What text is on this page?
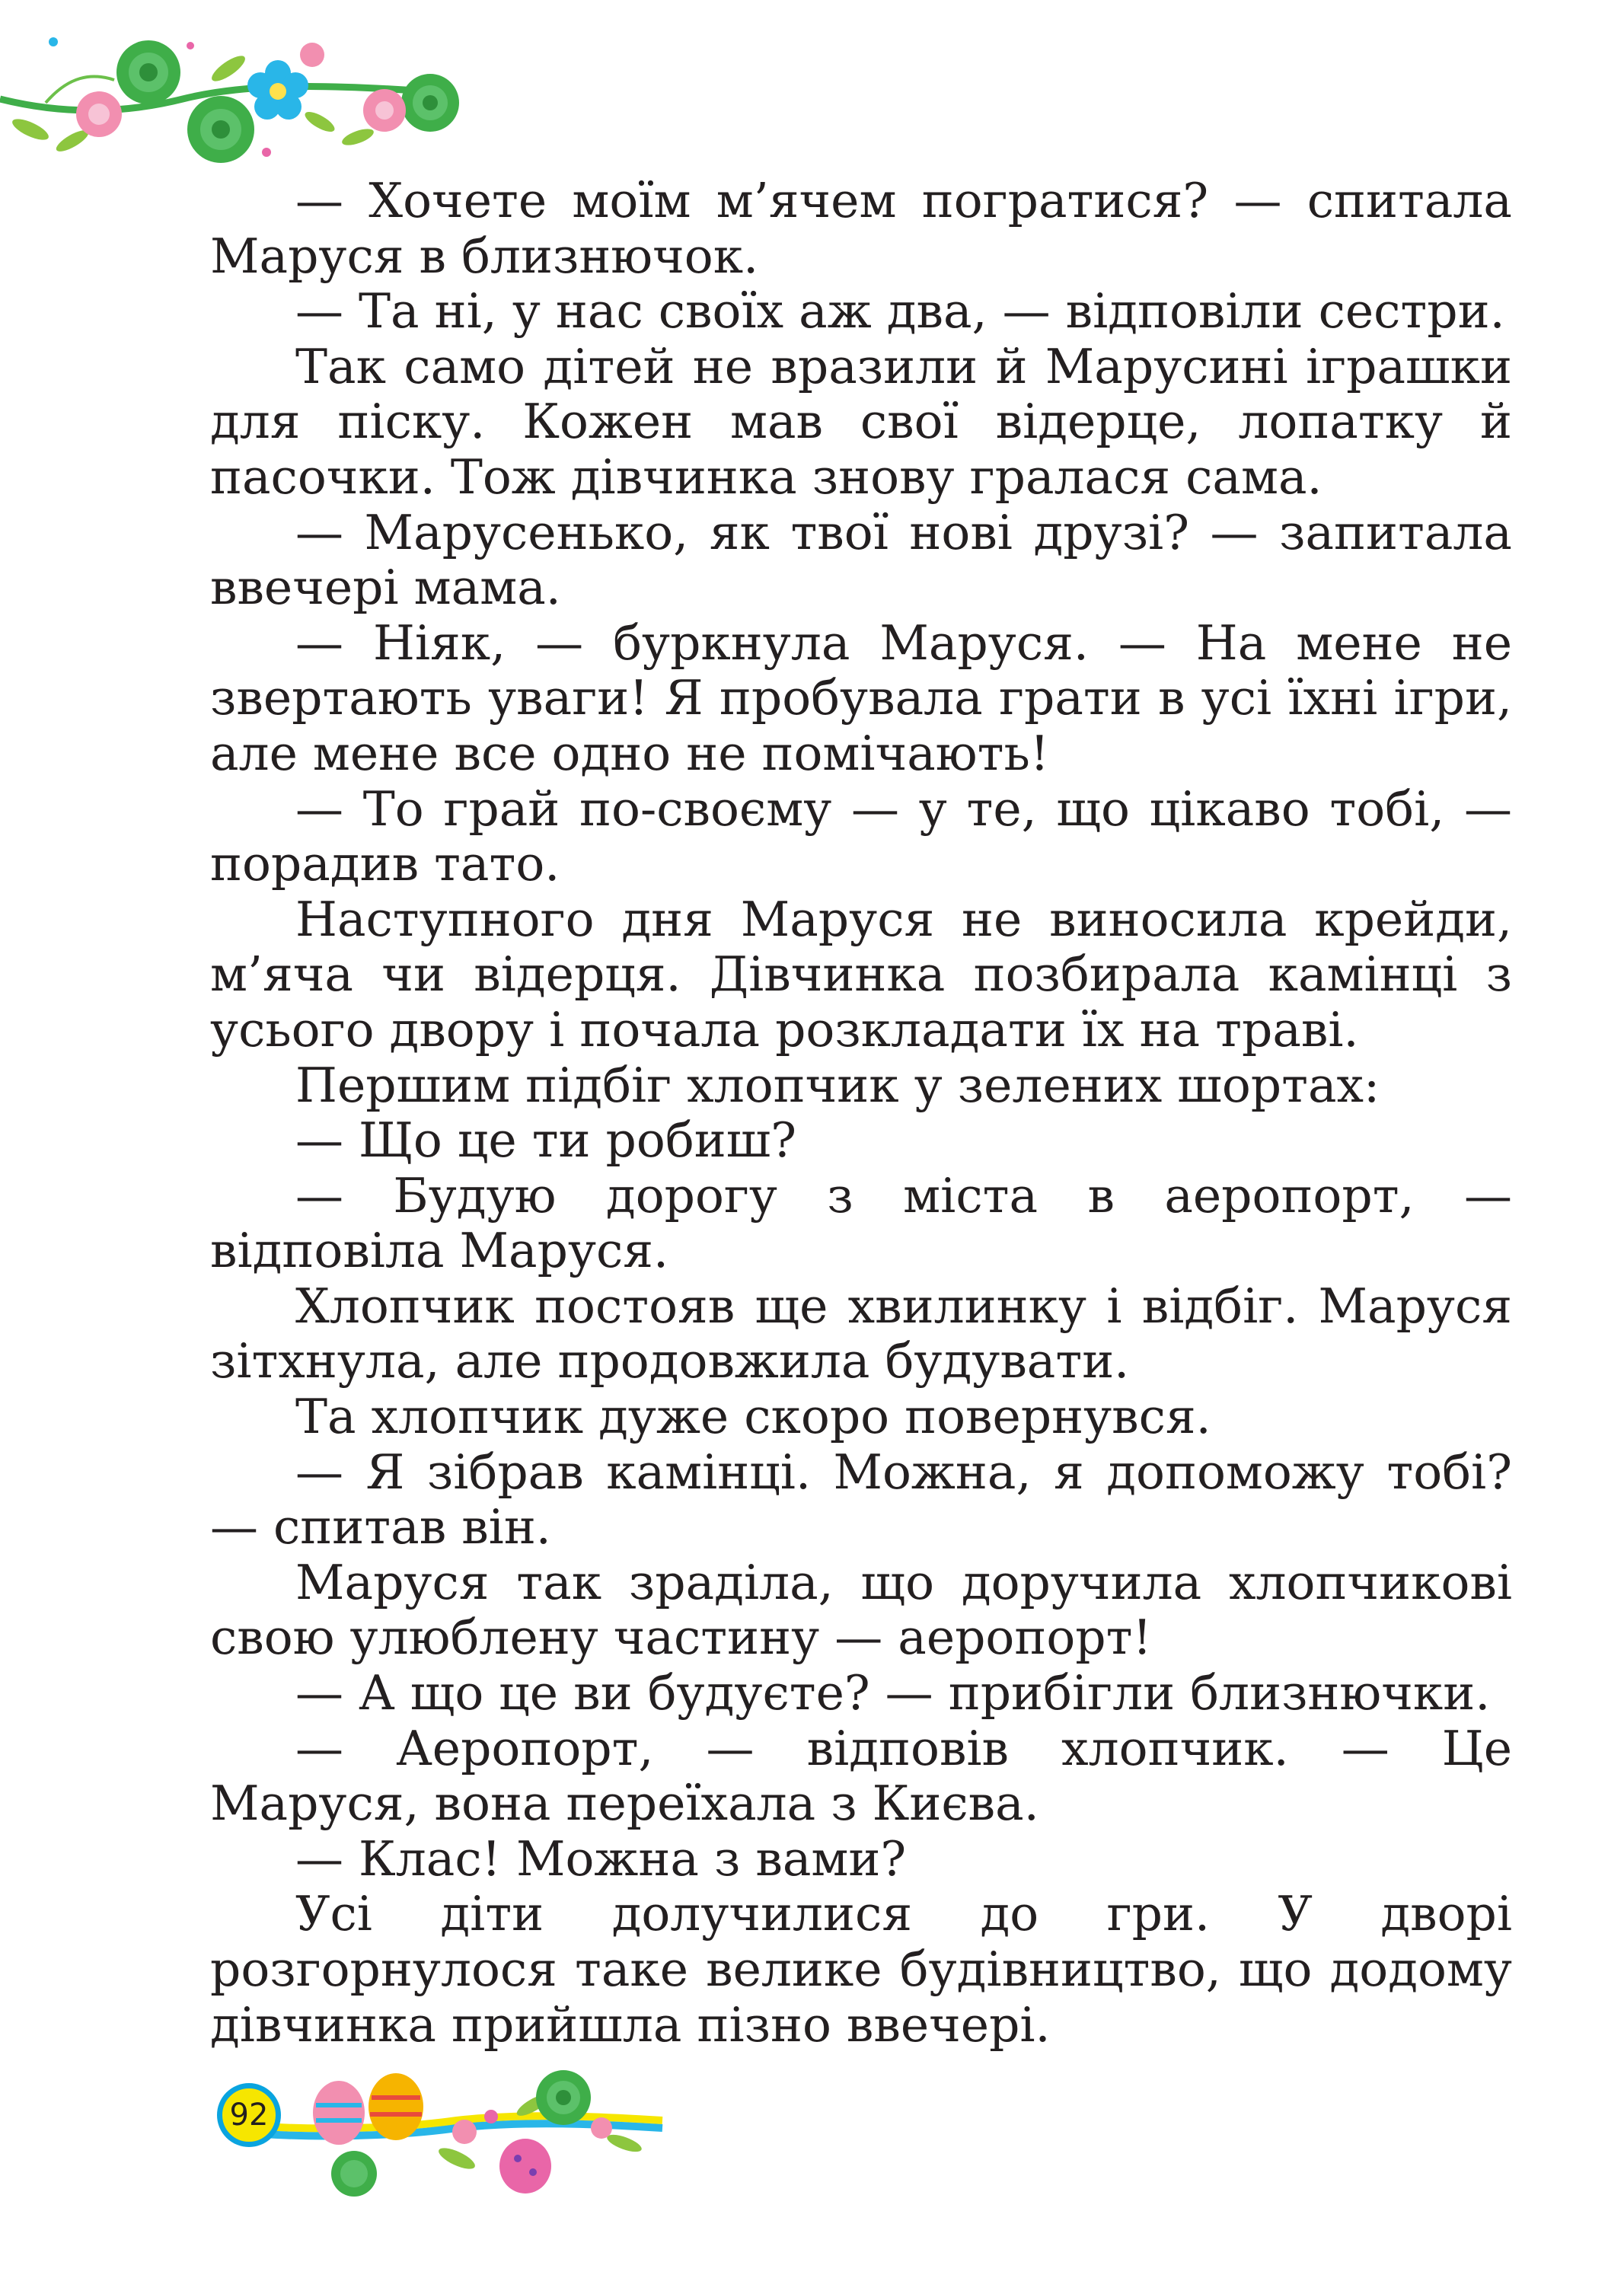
— Хочете моїм м’ячем погратися? — спитала Маруся в близнючок.

— Та ні, у нас своїх аж два, — відповіли сестри.

Так само дітей не вразили й Марусині іграшки для піску. Кожен мав свої відерце, лопатку й пасочки. Тож дівчинка знову гралася сама.

— Марусенько, як твої нові друзі? — запитала ввечері мама.

— Ніяк, — буркнула Маруся. — На мене не звертають уваги! Я пробувала грати в усі їхні ігри, але мене все одно не помічають!

— То грай по-своєму — у те, що цікаво тобі, — порадив тато.

Наступного дня Маруся не виносила крейди, м’яча чи відерця. Дівчинка позбирала камінці з усього двору і почала розкладати їх на траві.

Першим підбіг хлопчик у зелених шортах:

— Що це ти робиш?

— Будую дорогу з міста в аеропорт, — відповіла Маруся.

Хлопчик постояв ще хвилинку і відбіг. Маруся зітхнула, але продовжила будувати.

Та хлопчик дуже скоро повернувся.

— Я зібрав камінці. Можна, я допоможу тобі? — спитав він.

Маруся так зраділа, що доручила хлопчикові свою улюблену частину — аеропорт!

— А що це ви будуєте? — прибігли близнючки.

— Аеропорт, — відповів хлопчик. — Це Маруся, вона переїхала з Києва.

— Клас! Можна з вами?

Усі діти долучилися до гри. У дворі розгорнулося таке велике будівництво, що додому дівчинка прийшла пізно ввечері.

92
